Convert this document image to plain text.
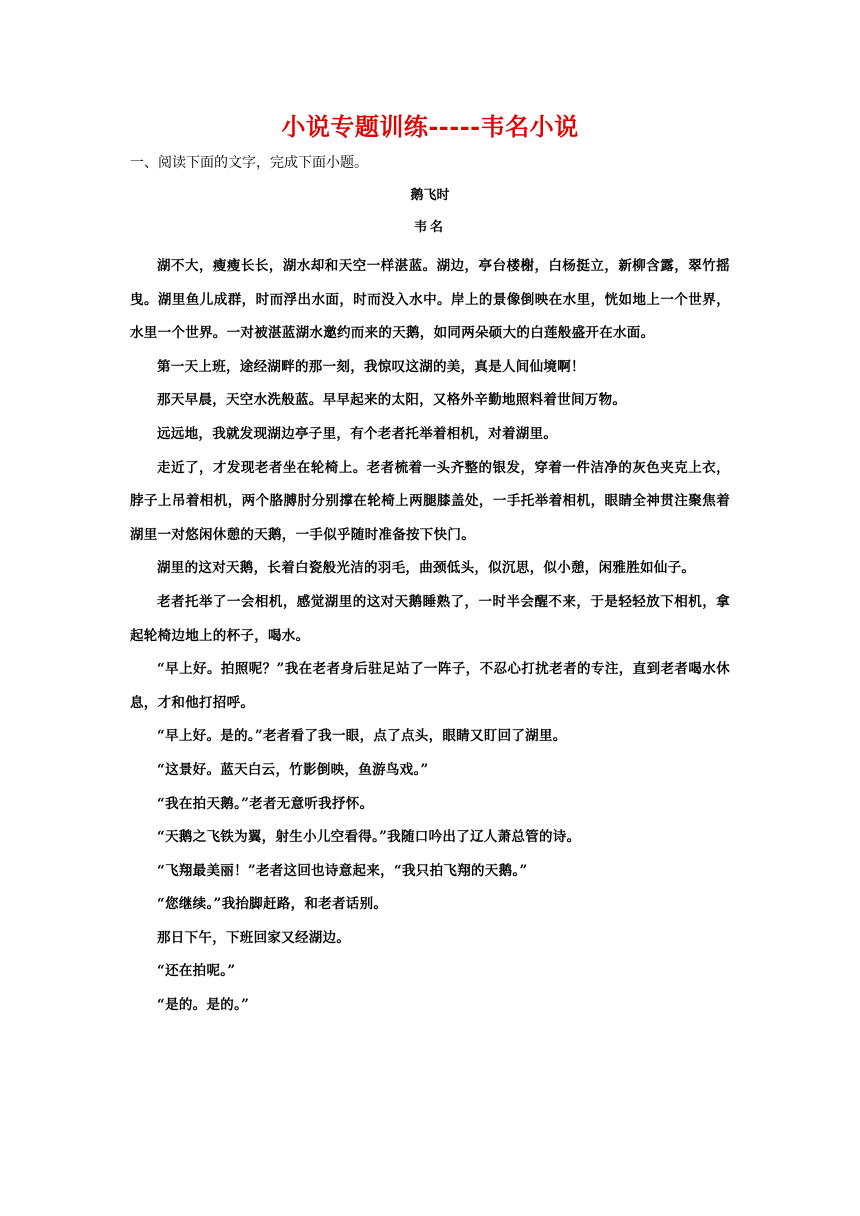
小说专题训练-----韦名小说

一、阅读下面的文字，完成下面小题。

鹅飞时

韦名

湖不大，瘦瘦长长，湖水却和天空一样湛蓝。湖边，亭台楼榭，白杨挺立，新柳含露，翠竹摇曳。湖里鱼儿成群，时而浮出水面，时而没入水中。岸上的景像倒映在水里，恍如地上一个世界，水里一个世界。一对被湛蓝湖水邀约而来的天鹅，如同两朵硕大的白莲般盛开在水面。

第一天上班，途经湖畔的那一刻，我惊叹这湖的美，真是人间仙境啊！

那天早晨，天空水洗般蓝。早早起来的太阳，又格外辛勤地照料着世间万物。

远远地，我就发现湖边亭子里，有个老者托举着相机，对着湖里。

走近了，才发现老者坐在轮椅上。老者梳着一头齐整的银发，穿着一件洁净的灰色夹克上衣，脖子上吊着相机，两个胳膊肘分别撑在轮椅上两腿膝盖处，一手托举着相机，眼睛全神贯注聚焦着湖里一对悠闲休憩的天鹅，一手似乎随时准备按下快门。

湖里的这对天鹅，长着白瓷般光洁的羽毛，曲颈低头，似沉思，似小憩，闲雅胜如仙子。

老者托举了一会相机，感觉湖里的这对天鹅睡熟了，一时半会醒不来，于是轻轻放下相机，拿起轮椅边地上的杯子，喝水。

“早上好。拍照呢？”我在老者身后驻足站了一阵子，不忍心打扰老者的专注，直到老者喝水休息，才和他打招呼。

“早上好。是的。”老者看了我一眼，点了点头，眼睛又盯回了湖里。

“这景好。蓝天白云，竹影倒映，鱼游鸟戏。”

“我在拍天鹅。”老者无意听我抒怀。

“天鹅之飞铁为翼，射生小儿空看得。”我随口吟出了辽人萧总管的诗。

“飞翔最美丽！”老者这回也诗意起来，“我只拍飞翔的天鹅。”

“您继续。”我抬脚赶路，和老者话别。

那日下午，下班回家又经湖边。

“还在拍呢。”

“是的。是的。”
